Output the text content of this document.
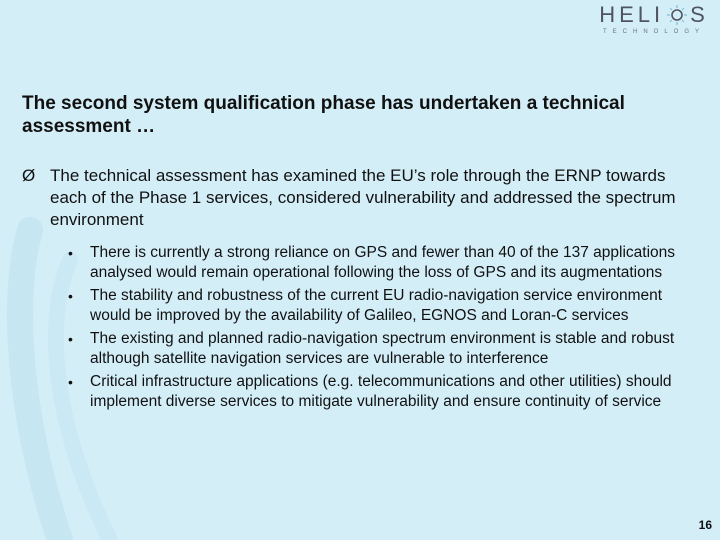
HELI S
TECHNOLOGY
The second system qualification phase has undertaken a technical assessment …
Ø The technical assessment has examined the EU’s role through the ERNP towards each of the Phase 1 services, considered vulnerability and addressed the spectrum environment
•	There is currently a strong reliance on GPS and fewer than 40 of the 137 applications analysed would remain operational following the loss of GPS and its augmentations
•	The stability and robustness of the current EU radio-navigation service environment would be improved by the availability of Galileo, EGNOS and Loran-C services
•	The existing and planned radio-navigation spectrum environment is stable and robust although satellite navigation services are vulnerable to interference
•	Critical infrastructure applications (e.g. telecommunications and other utilities) should implement diverse services to mitigate vulnerability and ensure continuity of service
16
